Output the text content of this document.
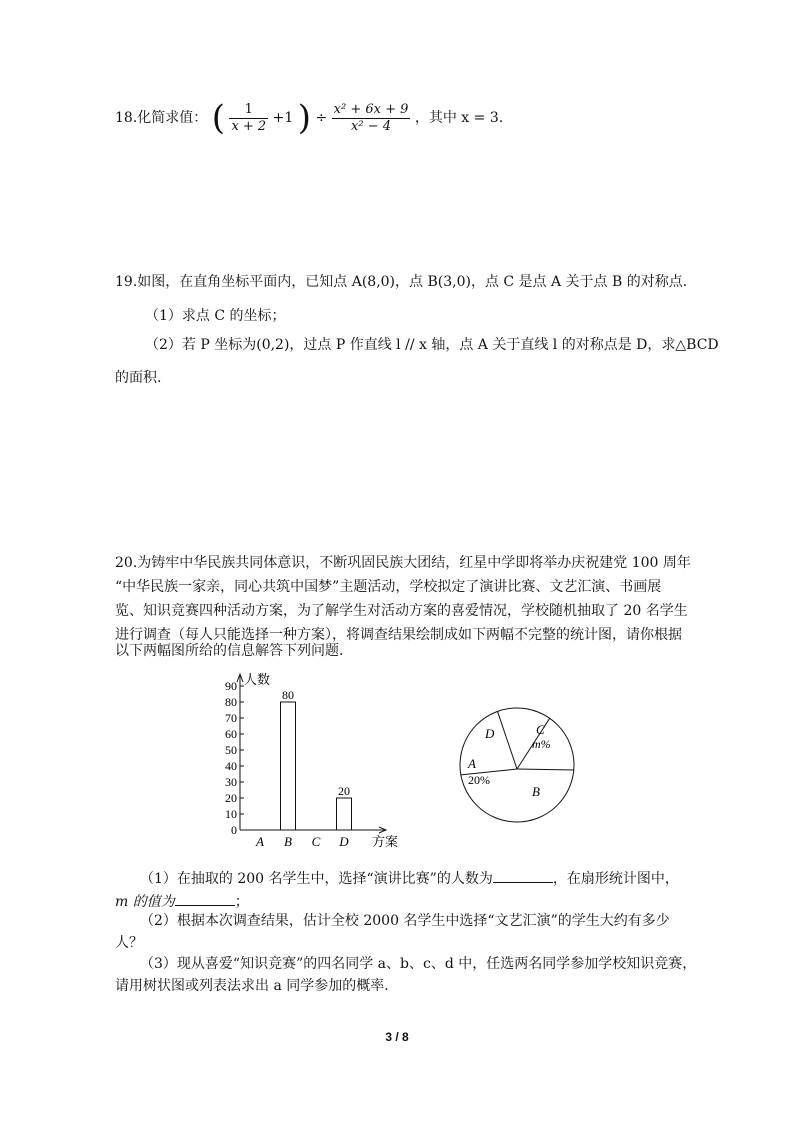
18.化简求值： ( $\frac{1}{x + 2} +1$ ) ÷ $\frac{\text{x² + 6x + 9}}{\text{x² − 4}}$ ，其中 x = 3.
19.如图，在直角坐标平面内，已知点 A(8,0)，点 B(3,0)，点 C 是点 A 关于点 B 的对称点.
（1）求点 C 的坐标；
（2）若 P 坐标为(0,2)，过点 P 作直线 l // x 轴，点 A 关于直线 l 的对称点是 D，求△BCD
的面积.
20.为铸牢中华民族共同体意识，不断巩固民族大团结，红星中学即将举办庆祝建党 100 周年
“中华民族一家亲，同心共筑中国梦”主题活动，学校拟定了演讲比赛、文艺汇演、书画展
览、知识竞赛四种活动方案，为了解学生对活动方案的喜爱情况，学校随机抽取了 20 名学生
进行调查（每人只能选择一种方案），将调查结果绘制成如下两幅不完整的统计图，请你根据
以下两幅图所给的信息解答下列问题.
人数
方案
0
10
20
30
40
50
60
70
80
90
A B
80
C D
20
A
20%
B
C
m%
D
（1）在抽取的 200 名学生中，选择“演讲比赛”的人数为	，在扇形统计图中，
m 的值为	；
（2）根据本次调查结果，估计全校 2000 名学生中选择“文艺汇演”的学生大约有多少
人？
（3）现从喜爱“知识竞赛”的四名同学 a、b、c、d 中，任选两名同学参加学校知识竞赛，
请用树状图或列表法求出 a 同学参加的概率.
3 / 8
